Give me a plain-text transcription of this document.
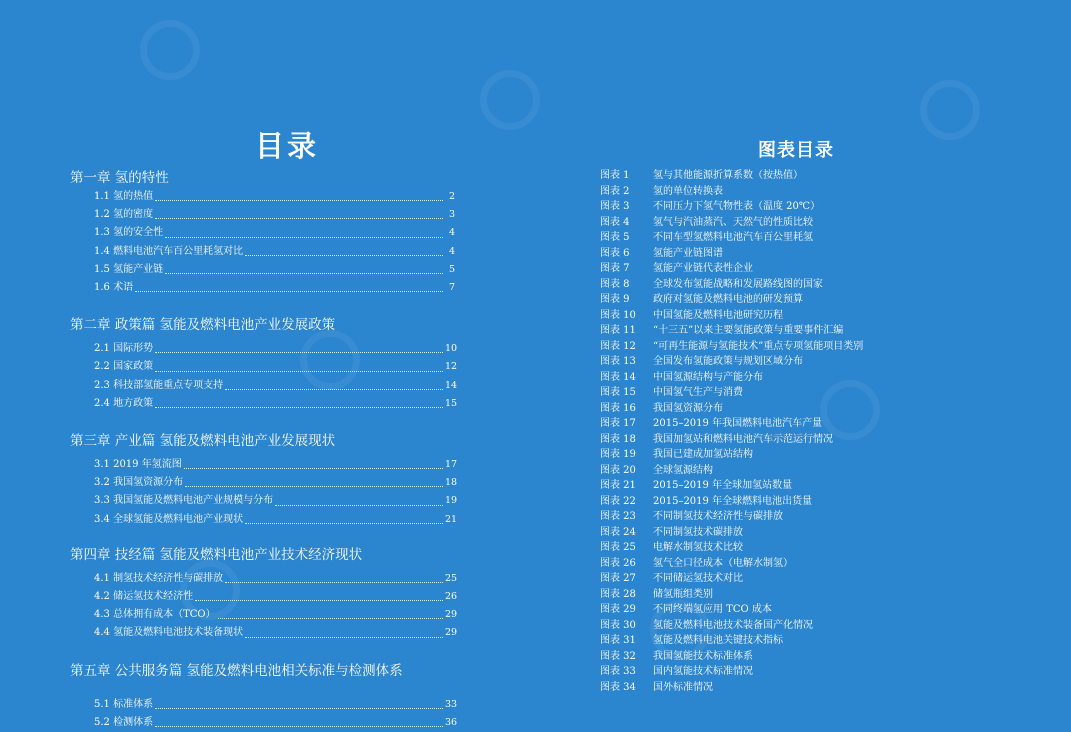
目录	图表目录
第一章 氢的特性
1.1 氢的热值	2
1.2 氢的密度	3
1.3 氢的安全性	4
1.4 燃料电池汽车百公里耗氢对比	4
1.5 氢能产业链	5
1.6 术语	7
第二章 政策篇 氢能及燃料电池产业发展政策
2.1 国际形势	10
2.2 国家政策	12
2.3 科技部氢能重点专项支持	14
2.4 地方政策	15
第三章 产业篇 氢能及燃料电池产业发展现状
3.1 2019 年氢流图	17
3.2 我国氢资源分布	18
3.3 我国氢能及燃料电池产业规模与分布	19
3.4 全球氢能及燃料电池产业现状	21
第四章 技经篇 氢能及燃料电池产业技术经济现状
4.1 制氢技术经济性与碳排放	25
4.2 储运氢技术经济性	26
4.3 总体拥有成本（TCO）	29
4.4 氢能及燃料电池技术装备现状	29
第五章 公共服务篇 氢能及燃料电池相关标准与检测体系
5.1 标准体系	33
5.2 检测体系	36
图表 1	氢与其他能源折算系数（按热值）
图表 2	氢的单位转换表
图表 3	不同压力下氢气物性表（温度 20℃）
图表 4	氢气与汽油蒸汽、天然气的性质比较
图表 5	不同车型氢燃料电池汽车百公里耗氢
图表 6	氢能产业链图谱
图表 7	氢能产业链代表性企业
图表 8	全球发布氢能战略和发展路线图的国家
图表 9	政府对氢能及燃料电池的研发预算
图表 10	中国氢能及燃料电池研究历程
图表 11	“十三五”以来主要氢能政策与重要事件汇编
图表 12	“可再生能源与氢能技术”重点专项氢能项目类别
图表 13	全国发布氢能政策与规划区域分布
图表 14	中国氢源结构与产能分布
图表 15	中国氢气生产与消费
图表 16	我国氢资源分布
图表 17	2015–2019 年我国燃料电池汽车产量
图表 18	我国加氢站和燃料电池汽车示范运行情况
图表 19	我国已建成加氢站结构
图表 20	全球氢源结构
图表 21	2015–2019 年全球加氢站数量
图表 22	2015–2019 年全球燃料电池出货量
图表 23	不同制氢技术经济性与碳排放
图表 24	不同制氢技术碳排放
图表 25	电解水制氢技术比较
图表 26	氢气全口径成本（电解水制氢）
图表 27	不同储运氢技术对比
图表 28	储氢瓶组类别
图表 29	不同终端氢应用 TCO 成本
图表 30	氢能及燃料电池技术装备国产化情况
图表 31	氢能及燃料电池关键技术指标
图表 32	我国氢能技术标准体系
图表 33	国内氢能技术标准情况
图表 34	国外标准情况
